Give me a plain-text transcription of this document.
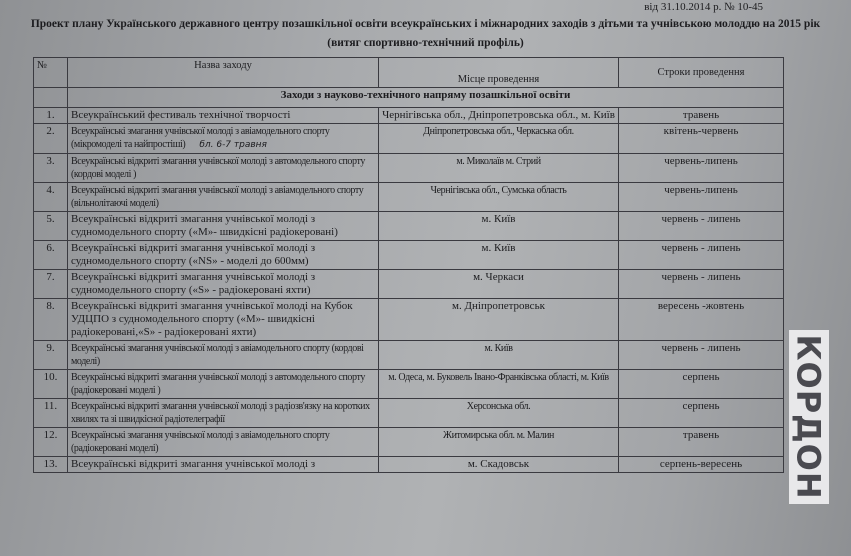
від 31.10.2014 р. № 10-45
Проект плану Українського державного центру позашкільної освіти всеукраїнських і міжнародних заходів з дітьми та учнівською молоддю на 2015 рік (витяг спортивно-технічний профіль)
№	Назва заходу	Місце проведення	Строки проведення
	Заходи з науково-технічного напряму позашкільної освіти		
1.	Всеукраїнський фестиваль технічної творчості	Чернігівська обл., Дніпропетровська обл., м. Київ	травень
2.	Всеукраїнські змагання учнівської молоді з авіамодельного спорту (мікромоделі та найпростіші) бл. 6-7 травня	Дніпропетровська обл., Черкаська обл.	квітень-червень
3.	Всеукраїнські відкриті змагання учнівської молоді з автомодельного спорту (кордові моделі )	м. Миколаїв м. Стрий	червень-липень
4.	Всеукраїнські відкриті змагання учнівської молоді з авіамодельного спорту (вільнолітаючі моделі)	Чернігівська обл., Сумська область	червень-липень
5.	Всеукраїнські відкриті змагання учнівської молоді з судномодельного спорту («М»- швидкісні радіокеровані)	м. Київ	червень - липень
6.	Всеукраїнські відкриті змагання учнівської молоді з судномодельного спорту («NS» - моделі до 600мм)	м. Київ	червень - липень
7.	Всеукраїнські відкриті змагання учнівської молоді з судномодельного спорту («S» - радіокеровані яхти)	м. Черкаси	червень - липень
8.	Всеукраїнські відкриті змагання учнівської молоді на Кубок УДЦПО з судномодельного спорту («М»- швидкісні радіокеровані,«S» - радіокеровані яхти)	м. Дніпропетровськ	вересень -жовтень
9.	Всеукраїнські змагання учнівської молоді з авіамодельного спорту (кордові моделі)	м. Київ	червень - липень
10.	Всеукраїнські відкриті змагання учнівської молоді з автомодельного спорту (радіокеровані моделі )	м. Одеса, м. Буковель Івано-Франківська області, м. Київ	серпень
11.	Всеукраїнські відкриті змагання учнівської молоді з радіозв'язку на коротких хвилях та зі швидкісної радіотелеграфії	Херсонська обл.	серпень
12.	Всеукраїнські змагання учнівської молоді з авіамодельного спорту (радіокеровані моделі)	Житомирська обл. м. Малин	травень
13.	Всеукраїнські відкриті змагання учнівської молоді з	м. Скадовськ	серпень-вересень КОРДОН
